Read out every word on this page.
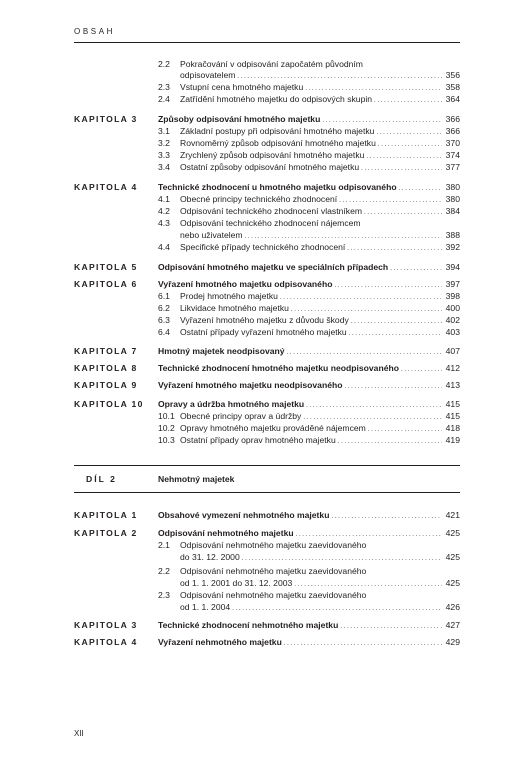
OBSAH
2.2	Pokračování v odpisování započatém původním
odpisovatelem . . .	356
2.3	Vstupní cena hmotného majetku . . .	358
2.4	Zatřídění hmotného majetku do odpisových skupin . . .	364
KAPITOLA 3 Způsoby odpisování hmotného majetku . . .	366
3.1	Základní postupy při odpisování hmotného majetku . . .	366
3.2	Rovnoměrný způsob odpisování hmotného majetku . . .	370
3.3	Zrychlený způsob odpisování hmotného majetku . . .	374
3.4	Ostatní způsoby odpisování hmotného majetku . . .	377
KAPITOLA 4 Technické zhodnocení u hmotného majetku odpisovaného . . .	380
4.1	Obecné principy technického zhodnocení . . .	380
4.2	Odpisování technického zhodnocení vlastníkem . . .	384
4.3	Odpisování technického zhodnocení nájemcem
nebo uživatelem . . .	388
4.4	Specifické případy technického zhodnocení . . .	392
KAPITOLA 5 Odpisování hmotného majetku ve speciálních případech . . .	394
KAPITOLA 6 Vyřazení hmotného majetku odpisovaného . . .	397
6.1	Prodej hmotného majetku . . .	398
6.2	Likvidace hmotného majetku . . .	400
6.3	Vyřazení hmotného majetku z důvodu škody . . .	402
6.4	Ostatní případy vyřazení hmotného majetku . . .	403
KAPITOLA 7 Hmotný majetek neodpisovaný . . .	407
KAPITOLA 8 Technické zhodnocení hmotného majetku neodpisovaného . . .	412
KAPITOLA 9 Vyřazení hmotného majetku neodpisovaného . . .	413
KAPITOLA 10 Opravy a údržba hmotného majetku . . .	415
10.1 Obecné principy oprav a údržby . . .	415
10.2 Opravy hmotného majetku prováděné nájemcem . . .	418
10.3 Ostatní případy oprav hmotného majetku . . .	419
DÍL 2	Nehmotný majetek
KAPITOLA 1 Obsahové vymezení nehmotného majetku . . .	421
KAPITOLA 2 Odpisování nehmotného majetku . . .	425
2.1	Odpisování nehmotného majetku zaevidovaného
do 31. 12. 2000 . . .	425
2.2	Odpisování nehmotného majetku zaevidovaného
od 1. 1. 2001 do 31. 12. 2003 . . .	425
2.3	Odpisování nehmotného majetku zaevidovaného
od 1. 1. 2004 . . .	426
KAPITOLA 3 Technické zhodnocení nehmotného majetku . . .	427
KAPITOLA 4 Vyřazení nehmotného majetku . . .	429
XII
